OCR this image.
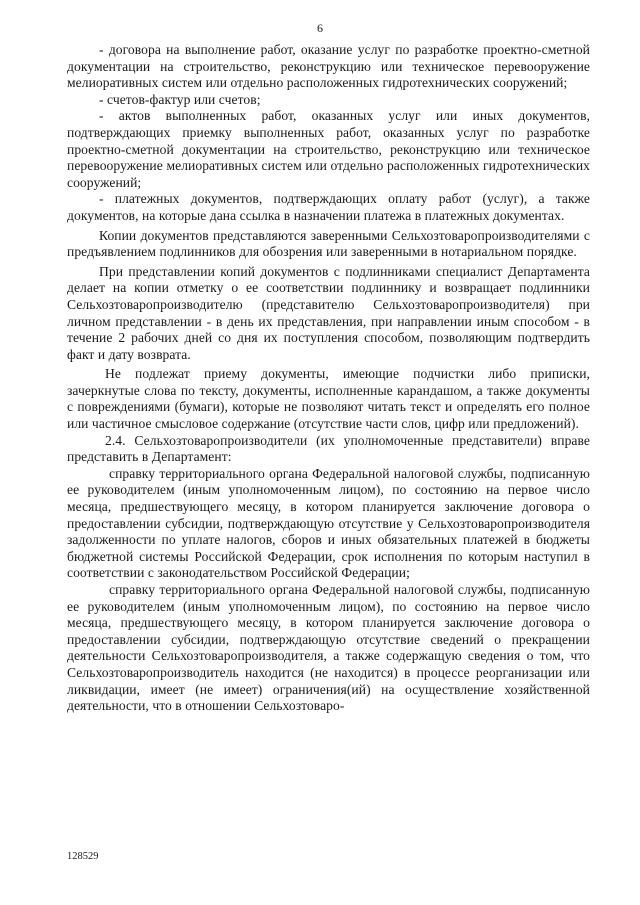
6

- договора на выполнение работ, оказание услуг по разработке проектно-сметной документации на строительство, реконструкцию или техническое перевооружение мелиоративных систем или отдельно расположенных гидротехнических сооружений;

- счетов-фактур или счетов;

- актов выполненных работ, оказанных услуг или иных документов, подтверждающих приемку выполненных работ, оказанных услуг по разработке проектно-сметной документации на строительство, реконструкцию или техническое перевооружение мелиоративных систем или отдельно расположенных гидротехнических сооружений;

- платежных документов, подтверждающих оплату работ (услуг), а также документов, на которые дана ссылка в назначении платежа в платежных документах.

Копии документов представляются заверенными Сельхозтоваропроизводителями с предъявлением подлинников для обозрения или заверенными в нотариальном порядке.

При представлении копий документов с подлинниками специалист Департамента делает на копии отметку о ее соответствии подлиннику и возвращает подлинники Сельхозтоваропроизводителю (представителю Сельхозтоваропроизводителя) при личном представлении - в день их представления, при направлении иным способом - в течение 2 рабочих дней со дня их поступления способом, позволяющим подтвердить факт и дату возврата.

Не подлежат приему документы, имеющие подчистки либо приписки, зачеркнутые слова по тексту, документы, исполненные карандашом, а также документы с повреждениями (бумаги), которые не позволяют читать текст и определять его полное или частичное смысловое содержание (отсутствие части слов, цифр или предложений).

2.4. Сельхозтоваропроизводители (их уполномоченные представители) вправе представить в Департамент:

справку территориального органа Федеральной налоговой службы, подписанную ее руководителем (иным уполномоченным лицом), по состоянию на первое число месяца, предшествующего месяцу, в котором планируется заключение договора о предоставлении субсидии, подтверждающую отсутствие у Сельхозтоваропроизводителя задолженности по уплате налогов, сборов и иных обязательных платежей в бюджеты бюджетной системы Российской Федерации, срок исполнения по которым наступил в соответствии с законодательством Российской Федерации;

справку территориального органа Федеральной налоговой службы, подписанную ее руководителем (иным уполномоченным лицом), по состоянию на первое число месяца, предшествующего месяцу, в котором планируется заключение договора о предоставлении субсидии, подтверждающую отсутствие сведений о прекращении деятельности Сельхозтоваропроизводителя, а также содержащую сведения о том, что Сельхозтоваропроизводитель находится (не находится) в процессе реорганизации или ликвидации, имеет (не имеет) ограничения(ий) на осуществление хозяйственной деятельности, что в отношении Сельхозтоваро-

128529
